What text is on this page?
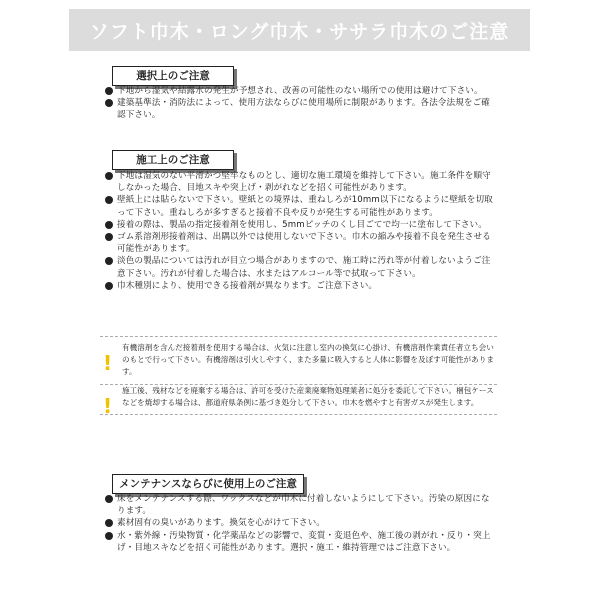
ソフト巾木・ロング巾木・ササラ巾木のご注意
選択上のご注意
下地から湿気や結露水の発生が予想され、改善の可能性のない場所での使用は避けて下さい。
建築基準法・消防法によって、使用方法ならびに使用場所に制限があります。各法令法規をご確認下さい。
施工上のご注意
下地は湿気のない平滑かつ堅牢なものとし、適切な施工環境を維持して下さい。施工条件を順守しなかった場合、目地スキや突上げ・剥がれなどを招く可能性があります。
壁紙上には貼らないで下さい。壁紙との境界は、重ねしろが10mm以下になるように壁紙を切取って下さい。重ねしろが多すぎると接着不良や反りが発生する可能性があります。
接着の際は、製品の指定接着剤を使用し、5mmピッチのくし目ごてで均一に塗布して下さい。
ゴム系溶剤形接着剤は、出隅以外では使用しないで下さい。巾木の縮みや接着不良を発生させる可能性があります。
淡色の製品については汚れが目立つ場合がありますので、施工時に汚れ等が付着しないようご注意下さい。汚れが付着した場合は、水またはアルコール等で拭取って下さい。
巾木種別により、使用できる接着剤が異なります。ご注意下さい。
!
有機溶剤を含んだ接着剤を使用する場合は、火気に注意し室内の換気に心掛け、有機溶剤作業責任者立ち会いのもとで行って下さい。有機溶剤は引火しやすく、また多量に吸入すると人体に影響を及ぼす可能性があります。
!
施工後、残材などを廃棄する場合は、許可を受けた産業廃棄物処理業者に処分を委託して下さい。梱包ケースなどを焼却する場合は、都道府県条例に基づき処分して下さい。巾木を燃やすと有害ガスが発生します。
メンテナンスならびに使用上のご注意
床をメンテナンスする際、ワックスなどが巾木に付着しないようにして下さい。汚染の原因になります。
素材固有の臭いがあります。換気を心がけて下さい。
水・紫外線・汚染物質・化学薬品などの影響で、変質・変退色や、施工後の剥がれ・反り・突上げ・目地スキなどを招く可能性があります。選択・施工・維持管理ではご注意下さい。
